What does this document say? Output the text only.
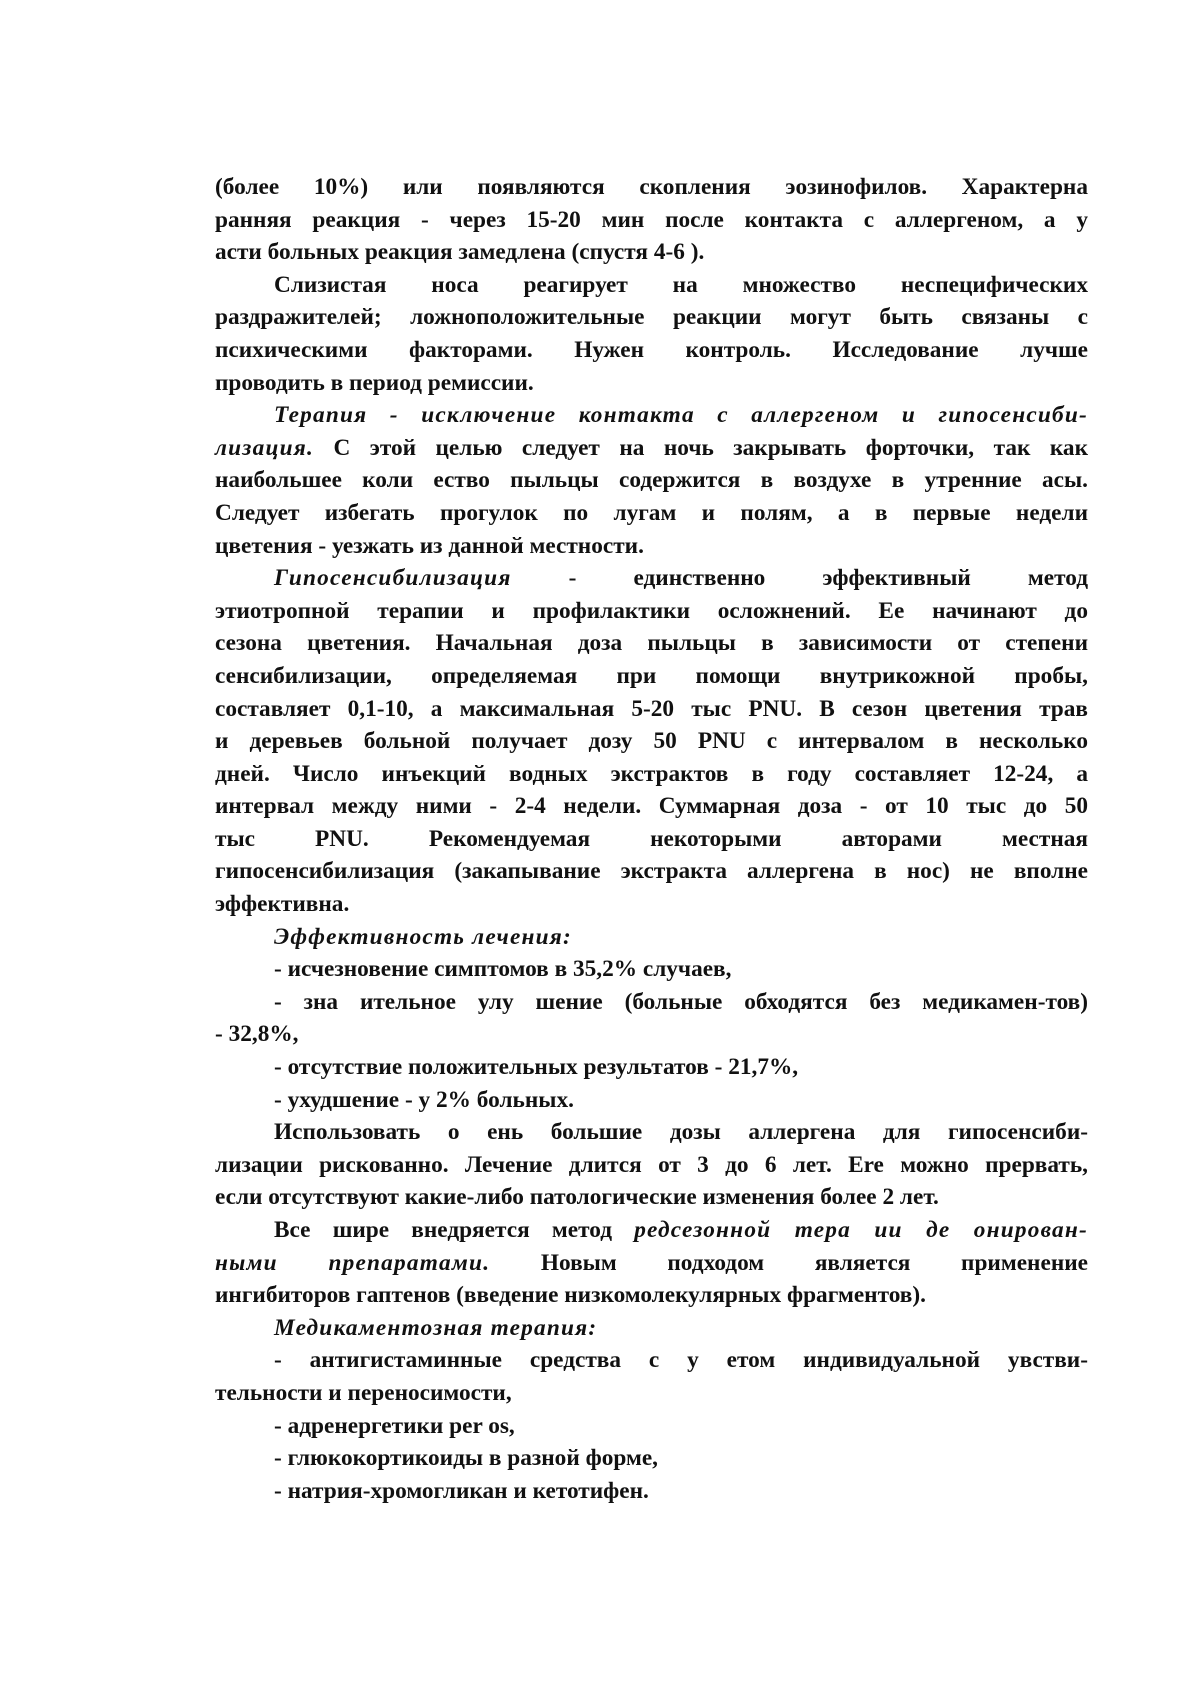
(более 10%) или появляются скопления эозинофилов. Характерна
ранняя реакция - через 15-20 мин после контакта с аллергеном, а у
асти больных реакция замедлена (спустя 4-6 ).
Слизистая носа реагирует на множество неспецифических
раздражителей; ложноположительные реакции могут быть связаны с
психическими факторами. Нужен контроль. Исследование лучше
проводить в период ремиссии.
Терапия - исключение контакта с аллергеном и гипосенсиби-
лизация. С этой целью следует на ночь закрывать форточки, так как
наибольшее коли ество пыльцы содержится в воздухе в утренние асы.
Следует избегать прогулок по лугам и полям, а в первые недели
цветения - уезжать из данной местности.
Гипосенсибилизация - единственно эффективный метод
этиотропной терапии и профилактики осложнений. Ее начинают до
сезона цветения. Начальная доза пыльцы в зависимости от степени
сенсибилизации, определяемая при помощи внутрикожной пробы,
составляет 0,1-10, а максимальная 5-20 тыс PNU. В сезон цветения трав
и деревьев больной получает дозу 50 PNU с интервалом в несколько
дней. Число инъекций водных экстрактов в году составляет 12-24, а
интервал между ними - 2-4 недели. Суммарная доза - от 10 тыс до 50
тыс PNU. Рекомендуемая некоторыми авторами местная
гипосенсибилизация (закапывание экстракта аллергена в нос) не вполне
эффективна.
Эффективность лечения:
- исчезновение симптомов в 35,2% случаев,
- зна ительное улу шение (больные обходятся без медикамен-тов)
- 32,8%,
- отсутствие положительных результатов - 21,7%,
- ухудшение - у 2% больных.
Использовать о ень большие дозы аллергена для гипосенсиби-
лизации рискованно. Лечение длится от 3 до 6 лет. Ere можно прервать,
если отсутствуют какие-либо патологические изменения более 2 лет.
Все шире внедряется метод редсезонной тера ии де онирован-
ными препаратами. Новым подходом является применение
ингибиторов гаптенов (введение низкомолекулярных фрагментов).
Медикаментозная терапия:
- антигистаминные средства с у етом индивидуальной увстви-
тельности и переносимости,
- адренергетики per os,
- глюкокортикоиды в разной форме,
- натрия-хромогликан и кетотифен.
